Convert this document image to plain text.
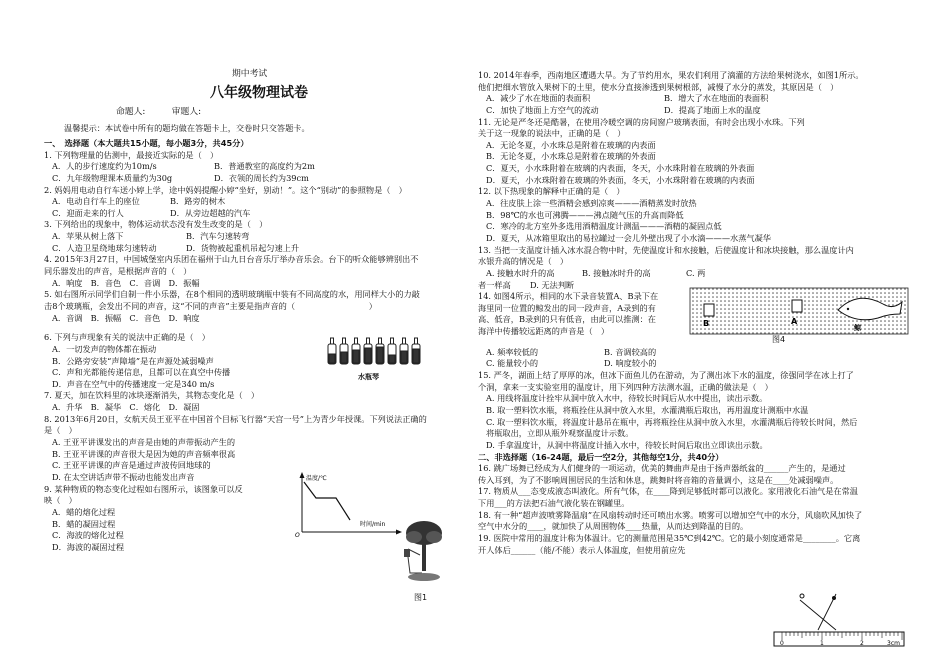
期中考试

八年级物理试卷

命题人:　　　审题人:

温馨提示：本试卷中所有的题均做在答题卡上，交卷时只交答题卡。

一、　选择题（本大题共15小题，每小题3分，共45分）

1. 下列物理量的估测中，最接近实际的是（　）

A．人的步行速度约为10m/s	B．普通教室的高度约为2m

C．九年级物理课本质量约为30g	D．衣领的周长约为39cm

2. 妈妈用电动自行车送小婷上学，途中妈妈提醒小婷“坐好，别动！”。这个“别动”的参照物是（　）

A．电动自行车上的座位	B．路旁的树木

C．迎面走来的行人	D．从旁边超越的汽车

3. 下列给出的现象中，物体运动状态没有发生改变的是（　）

A．苹果从树上落下	B．汽车匀速转弯

C．人造卫星绕地球匀速转动	D．货物被起重机吊起匀速上升

4. 2015年3月27日，中国城堡室内乐团在福州于山九日台音乐厅举办音乐会。台下的听众能够辨别出不

同乐器发出的声音，是根据声音的（　）

A．响度　B．音色　C．音调　D．振幅

5. 如右图所示同学们自制一件小乐器，在8个相同的透明玻璃瓶中装有不同高度的水，用同样大小的力敲

击8个玻璃瓶，会发出不同的声音，这“不同的声音”主要是指声音的（　　　　　　　　　）

A．音调　B．振幅　C．音色　D．响度

6. 下列与声现象有关的说法中正确的是（　）

A．一切发声的物体都在振动

B．公路旁安装“声障墙”是在声源处减弱噪声

C．声和光都能传递信息，且都可以在真空中传播

D．声音在空气中的传播速度一定是340 m/s

7. 夏天，加在饮料里的冰块逐渐消失，其物态变化是（　）

A．升华　B．凝华　C．熔化　D．凝固

8. 2013年6月20日，女航天员王亚平在中国首个目标飞行器“天宫一号”上为青少年授课。下列说法正确的

是（　）

A. 王亚平讲课发出的声音是由她的声带振动产生的

B. 王亚平讲课的声音很大是因为她的声音频率很高

C. 王亚平讲课的声音是通过声波传回地球的

D. 在太空讲话声带不振动也能发出声音

9. 某种物质的物态变化过程如右图所示，该图象可以反

映（　）

A．蜡的熔化过程

B．蜡的凝固过程

C．海波的熔化过程

D．海波的凝固过程

水瓶琴
温度/℃
时间/min
O
图1

10. 2014年春季，西南地区遭遇大旱。为了节约用水，果农们利用了滴灌的方法给果树浇水，如图1所示。

他们把细水管放入果树下的土里，使水分直接渗透到果树根部，减慢了水分的蒸发，其原因是（　）

A．减少了水在地面的表面积	B．增大了水在地面的表面积

C．加快了地面上方空气的流动	D．提高了地面上水的温度

11. 无论是严冬还是酷暑，在使用冷暖空调的房间窗户玻璃表面，有时会出现小水珠。下列

关于这一现象的说法中，正确的是（　）

A．无论冬夏，小水珠总是附着在玻璃的内表面

B．无论冬夏，小水珠总是附着在玻璃的外表面

C．夏天，小水珠附着在玻璃的内表面，冬天，小水珠附着在玻璃的外表面

D．夏天，小水珠附着在玻璃的外表面，冬天，小水珠附着在玻璃的内表面

12. 以下热现象的解释中正确的是（　）

A．往皮肤上涂一些酒精会感到凉爽———酒精蒸发时放热

B．98℃的水也可沸腾———沸点随气压的升高而降低

C．寒冷的北方室外多选用酒精温度计测温———酒精的凝固点低

D．夏天，从冰箱里取出的易拉罐过一会儿外壁出现了小水滴———水蒸气凝华

13. 当把一支温度计插入冰水混合物中时，先使温度计和水接触，后使温度计和冰块接触，那么温度计内

水银升高的情况是（　）

A. 接触水时升的高	B. 接触冰时升的高	C. 两

者一样高 D. 无法判断

14. 如图4所示，相同的水下录音装置A、B录下在

海里同一位置的鲸发出的同一段声音，A录到的有

高、低音，B录到的只有低音，由此可以推测：在

海洋中传播较远距离的声音是（　）

A. 频率较低的	B. 音调较高的

C. 能量较小的	D. 响度较小的

15. 严冬，湖面上结了厚厚的冰，但冰下面鱼儿仍在游动，为了测出冰下水的温度，徐强同学在冰上打了

个洞，拿来一支实验室用的温度计，用下列四种方法测水温，正确的做法是（　）

A. 用线将温度计拴牢从洞中放入水中，待较长时间后从水中提出，读出示数。

B. 取一塑料饮水瓶，将瓶拴住从洞中放入水里，水灌满瓶后取出，再用温度计测瓶中水温

C. 取一塑料饮水瓶，将温度计悬吊在瓶中，再将瓶拴住从洞中放入水里，水灌满瓶后待较长时间，然后

将瓶取出，立即从瓶外观察温度计示数。

D. 手拿温度计，从洞中将温度计插入水中，待较长时间后取出立即读出示数。

二、非选择题（16-24题，最后一空2分，其他每空1分，共40分）

16. 跳广场舞已经成为人们健身的一项运动，优美的舞曲声是由于扬声器纸盆的______产生的，是通过

传入耳到，为了不影响周围居民的生活和休息，跳舞时将音箱的音量调小，这是在____处减弱噪声。

17. 物质从___态变成液态叫液化。所有气体，在____降到足够低时都可以液化。家用液化石油气是在常温

下用___的方法把石油气液化装在钢罐里。

18. 有一种“超声波喷雾降温扇”在风扇转动时还可喷出水雾。喷雾可以增加空气中的水分，风扇吹风加快了

空气中水分的____，就加快了从周围物体____热量，从而达到降温的目的。

19. 医院中常用的温度计称为体温计。它的测量范围是35℃到42℃。它的最小刻度通常是________。它离

开人体后______（能/不能）表示人体温度，但使用前应先

B	A
鲸
图4
0	1	2	3cm
